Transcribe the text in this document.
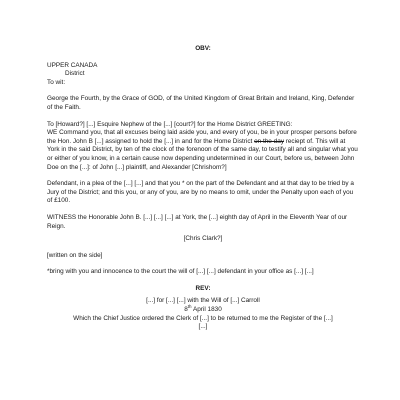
OBV:

UPPER CANADA

District

To wit:

George the Fourth, by the Grace of GOD, of the United Kingdom of Great Britain and Ireland, King, Defender of the Faith.

To [Howard?] [...] Esquire Nephew of the [...] [court?] for the Home District GREETING:

WE Command you, that all excuses being laid aside you, and every of you, be in your prosper persons before the Hon. John B [...] assigned to hold the [...] in and for the Home District on the day reciept of. This will at York in the said District, by ten of the clock of the forenoon of the same day, to testify all and singular what you or either of you know, in a certain cause now depending undetermined in our Court, before us, between John Doe on the [...]: of John [...] plaintiff, and Alexander [Chrishom?]

Defendant, in a plea of the [...] [...] and that you * on the part of the Defendant and at that day to be tried by a Jury of the District; and this you, or any of you, are by no means to omit, under the Penalty upon each of you of £100.

WITNESS the Honorable John B. [...] [...] [...] at York, the [...] eighth day of April in the Eleventh Year of our Reign.

[Chris Clark?]

[written on the side]

*bring with you and innocence to the court the will of [...] [...] defendant in your office as [...] [...]

REV:

[...] for [...] [...] with the Will of [...] Carroll

8th April 1830

Which the Chief Justice ordered the Clerk of [...] to be returned to me the Register of the [...]

[...]
